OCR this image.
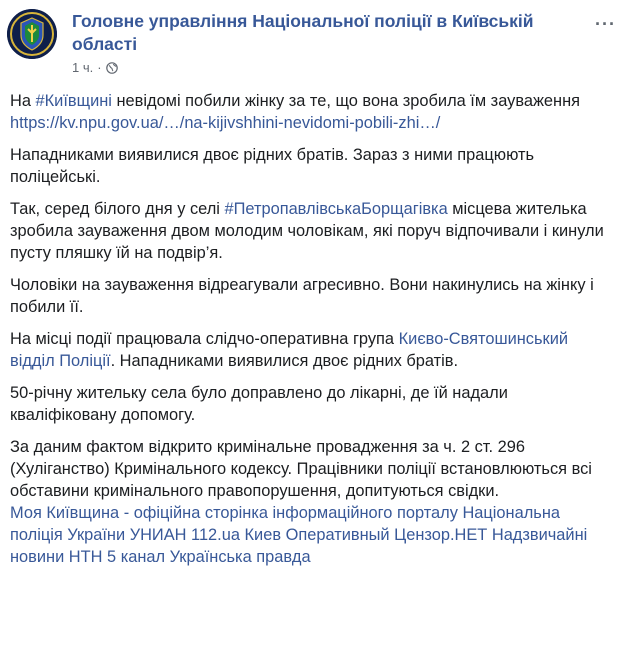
Головне управління Національної поліції в Київській області
1 ч. ·
···

На #Київщині невідомі побили жінку за те, що вона зробила їм зауваження
https://kv.npu.gov.ua/…/na-kijivshhini-nevidomi-pobili-zhi…/

Нападниками виявилися двоє рідних братів. Зараз з ними працюють поліцейські.

Так, серед білого дня у селі #ПетропавлівськаБорщагівка місцева жителька зробила зауваження двом молодим чоловікам, які поруч відпочивали і кинули пусту пляшку їй на подвір’я.

Чоловіки на зауваження відреагували агресивно. Вони накинулись на жінку і побили її.

На місці події працювала слідчо-оперативна група Києво-Святошинський відділ Поліції. Нападниками виявилися двоє рідних братів.

50-річну жительку села було доправлено до лікарні, де їй надали кваліфіковану допомогу.

За даним фактом відкрито кримінальне провадження за ч. 2 ст. 296 (Хуліганство) Кримінального кодексу. Працівники поліції встановлюються всі обставини кримінального правопорушення, допитуються свідки.

Моя Київщина - офіційна сторінка інформаційного порталу Національна поліція України УНИАН 112.ua Киев Оперативный Цензор.НЕТ Надзвичайні новини НТН 5 канал Українська правда
